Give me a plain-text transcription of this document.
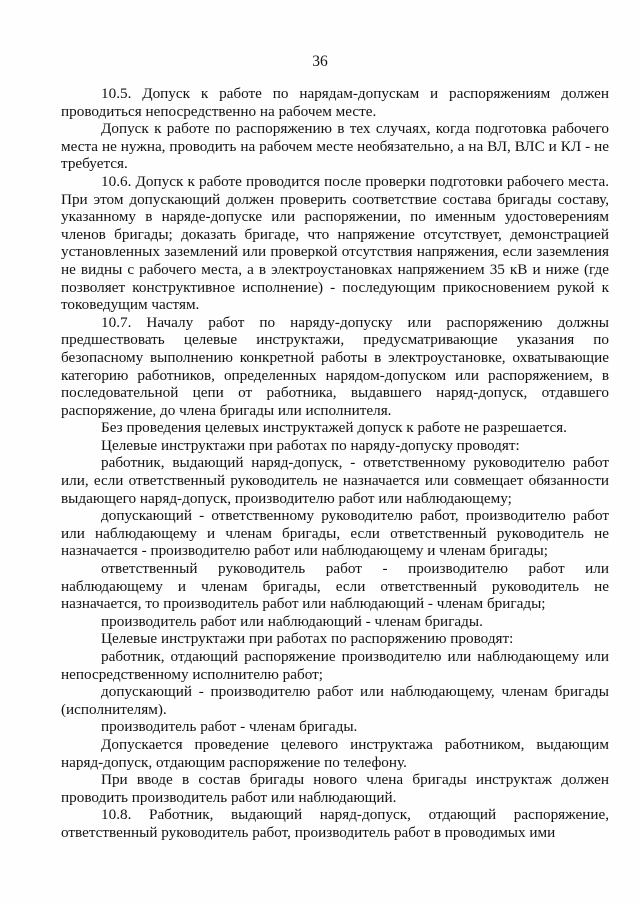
36

10.5. Допуск к работе по нарядам-допускам и распоряжениям должен проводиться непосредственно на рабочем месте.

Допуск к работе по распоряжению в тех случаях, когда подготовка рабочего места не нужна, проводить на рабочем месте необязательно, а на ВЛ, ВЛС и КЛ - не требуется.

10.6. Допуск к работе проводится после проверки подготовки рабочего места. При этом допускающий должен проверить соответствие состава бригады составу, указанному в наряде-допуске или распоряжении, по именным удостоверениям членов бригады; доказать бригаде, что напряжение отсутствует, демонстрацией установленных заземлений или проверкой отсутствия напряжения, если заземления не видны с рабочего места, а в электроустановках напряжением 35 кВ и ниже (где позволяет конструктивное исполнение) - последующим прикосновением рукой к токоведущим частям.

10.7. Началу работ по наряду-допуску или распоряжению должны предшествовать целевые инструктажи, предусматривающие указания по безопасному выполнению конкретной работы в электроустановке, охватывающие категорию работников, определенных нарядом-допуском или распоряжением, в последовательной цепи от работника, выдавшего наряд-допуск, отдавшего распоряжение, до члена бригады или исполнителя.

Без проведения целевых инструктажей допуск к работе не разрешается.

Целевые инструктажи при работах по наряду-допуску проводят:

работник, выдающий наряд-допуск, - ответственному руководителю работ или, если ответственный руководитель не назначается или совмещает обязанности выдающего наряд-допуск, производителю работ или наблюдающему;

допускающий - ответственному руководителю работ, производителю работ или наблюдающему и членам бригады, если ответственный руководитель не назначается - производителю работ или наблюдающему и членам бригады;

ответственный руководитель работ - производителю работ или наблюдающему и членам бригады, если ответственный руководитель не назначается, то производитель работ или наблюдающий - членам бригады;

производитель работ или наблюдающий - членам бригады.

Целевые инструктажи при работах по распоряжению проводят:

работник, отдающий распоряжение производителю или наблюдающему или непосредственному исполнителю работ;

допускающий - производителю работ или наблюдающему, членам бригады (исполнителям).

производитель работ - членам бригады.

Допускается проведение целевого инструктажа работником, выдающим наряд-допуск, отдающим распоряжение по телефону.

При вводе в состав бригады нового члена бригады инструктаж должен проводить производитель работ или наблюдающий.

10.8. Работник, выдающий наряд-допуск, отдающий распоряжение, ответственный руководитель работ, производитель работ в проводимых ими
